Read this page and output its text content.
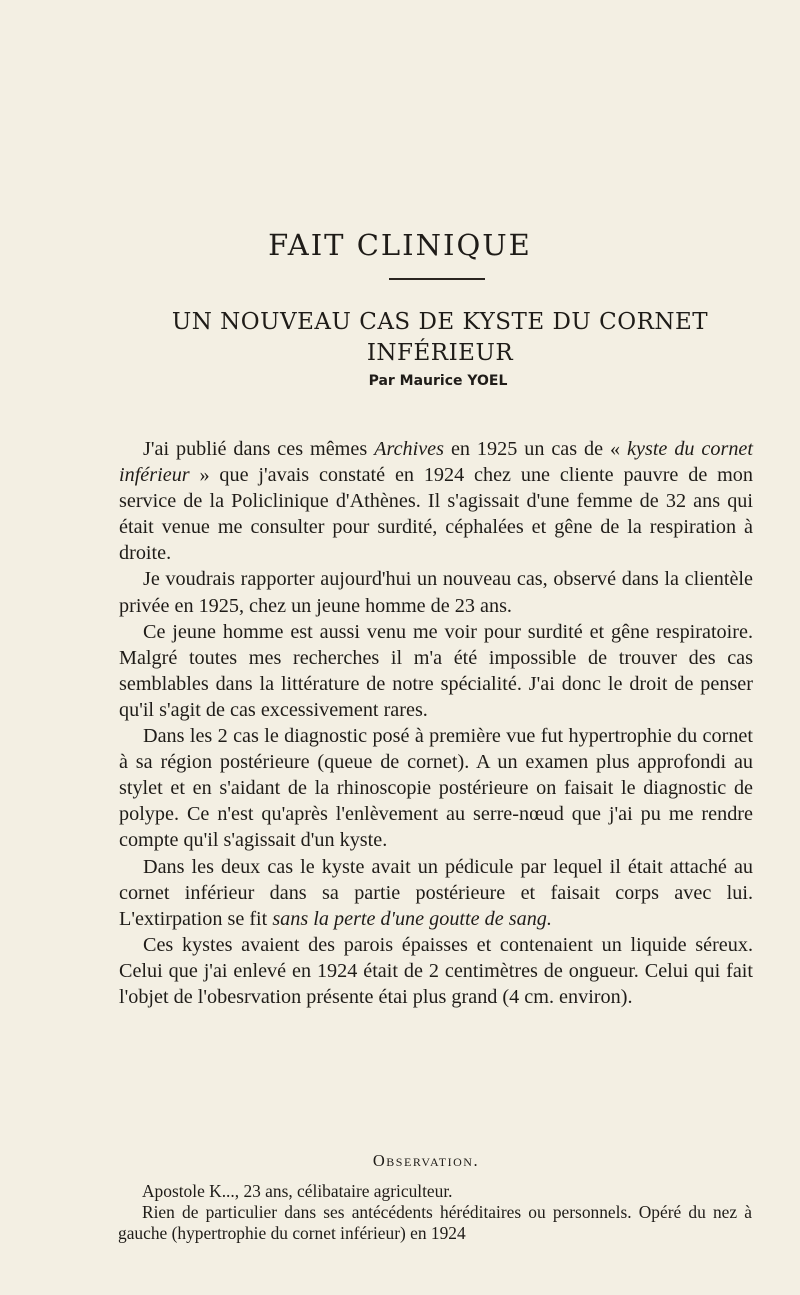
FAIT CLINIQUE
UN NOUVEAU CAS DE KYSTE DU CORNET INFÉRIEUR
Par Maurice YOEL

J'ai publié dans ces mêmes Archives en 1925 un cas de « kyste du cornet inférieur » que j'avais constaté en 1924 chez une cliente pauvre de mon service de la Policlinique d'Athènes. Il s'agissait d'une femme de 32 ans qui était venue me consulter pour surdité, céphalées et gêne de la respiration à droite.

Je voudrais rapporter aujourd'hui un nouveau cas, observé dans la clientèle privée en 1925, chez un jeune homme de 23 ans.

Ce jeune homme est aussi venu me voir pour surdité et gêne respiratoire. Malgré toutes mes recherches il m'a été impossible de trouver des cas semblables dans la littérature de notre spécialité. J'ai donc le droit de penser qu'il s'agit de cas excessivement rares.

Dans les 2 cas le diagnostic posé à première vue fut hypertrophie du cornet à sa région postérieure (queue de cornet). A un examen plus approfondi au stylet et en s'aidant de la rhinoscopie postérieure on faisait le diagnostic de polype. Ce n'est qu'après l'enlèvement au serre-nœud que j'ai pu me rendre compte qu'il s'agissait d'un kyste.

Dans les deux cas le kyste avait un pédicule par lequel il était attaché au cornet inférieur dans sa partie postérieure et faisait corps avec lui. L'extirpation se fit sans la perte d'une goutte de sang.

Ces kystes avaient des parois épaisses et contenaient un liquide séreux. Celui que j'ai enlevé en 1924 était de 2 centimètres de ongueur. Celui qui fait l'objet de l'obesrvation présente étai plus grand (4 cm. environ).

Observation.

Apostole K..., 23 ans, célibataire agriculteur.

Rien de particulier dans ses antécédents héréditaires ou personnels. Opéré du nez à gauche (hypertrophie du cornet inférieur) en 1924
